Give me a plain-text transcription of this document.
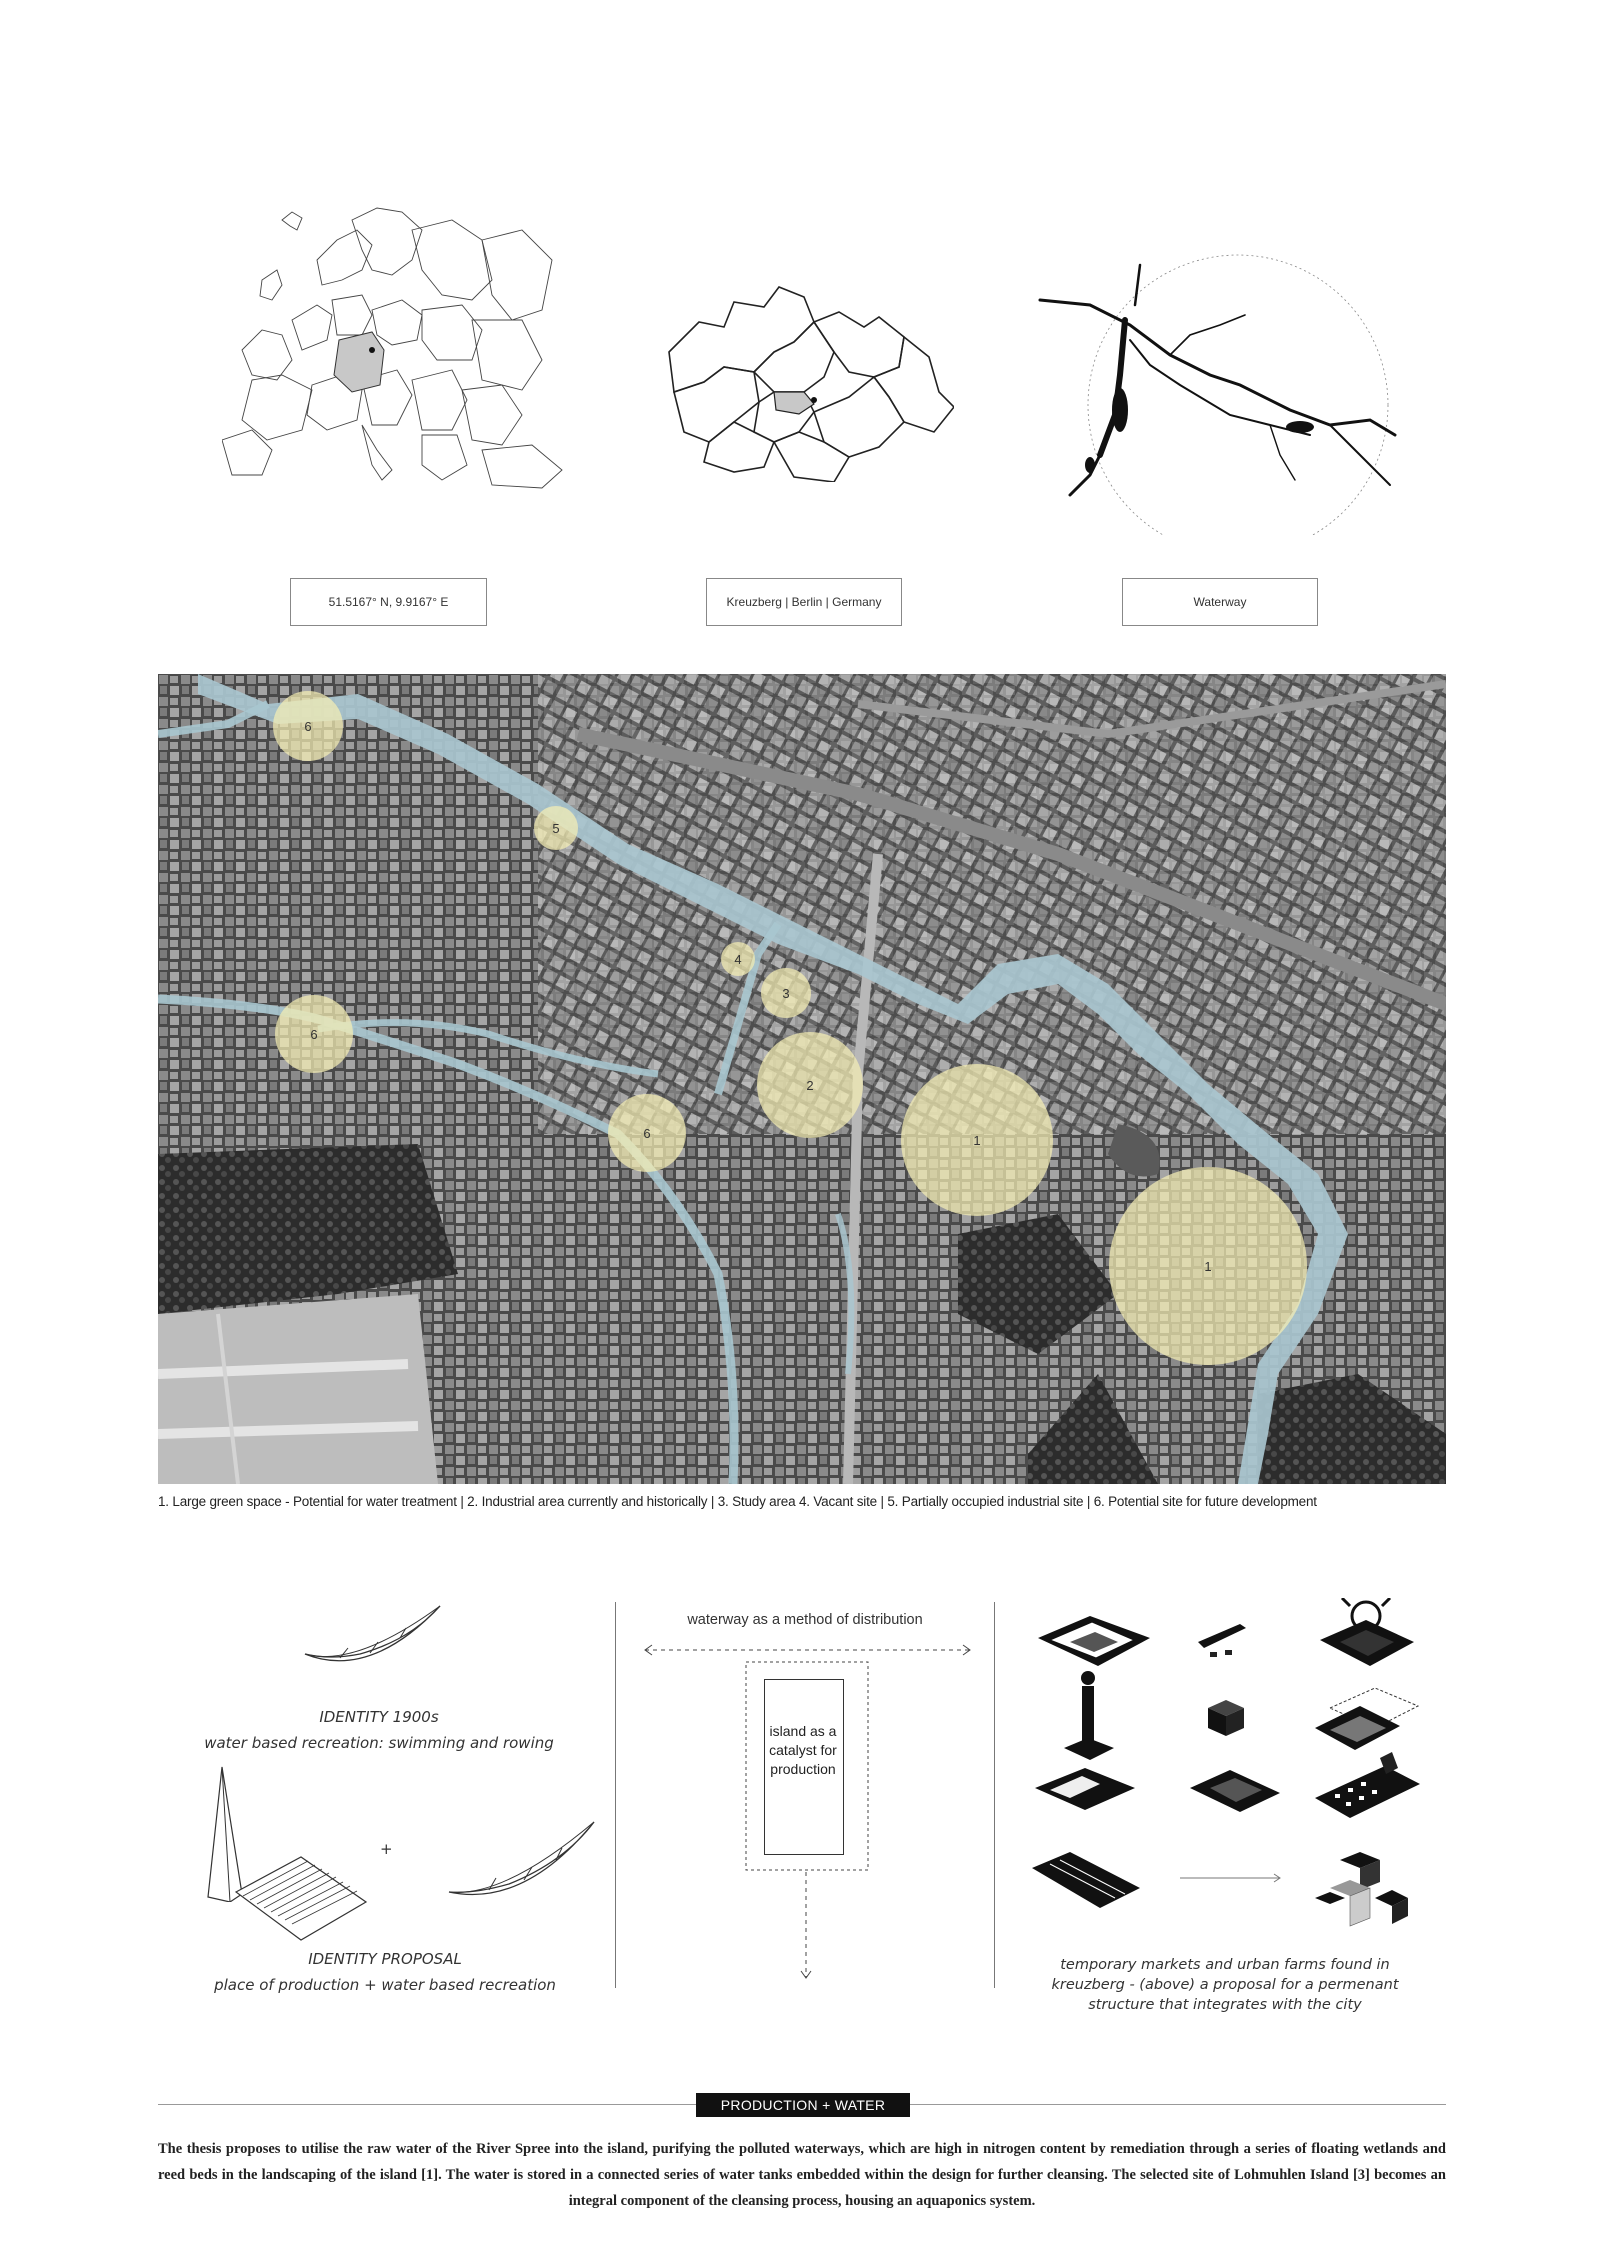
51.5167° N, 9.9167° E	Kreuzberg | Berlin | Germany	Waterway
6
5
4
3
6
2
6	1
1
1. Large green space - Potential for water treatment | 2. Industrial area currently and historically | 3. Study area 4. Vacant site | 5. Partially occupied industrial site | 6. Potential site for future development
IDENTITY 1900s
water based recreation: swimming and rowing
+
IDENTITY PROPOSAL
place of production + water based recreation
waterway as a method of distribution
island as a catalyst for production
temporary markets and urban farms found in kreuzberg - (above) a proposal for a permenant structure that integrates with the city
PRODUCTION + WATER
The thesis proposes to utilise the raw water of the River Spree into the island, purifying the polluted waterways, which are high in nitrogen content by remediation through a series of floating wetlands and reed beds in the landscaping of the island [1]. The water is stored in a connected series of water tanks embedded within the design for further cleansing. The selected site of Lohmuhlen Island [3] becomes an integral component of the cleansing process, housing an aquaponics system.
